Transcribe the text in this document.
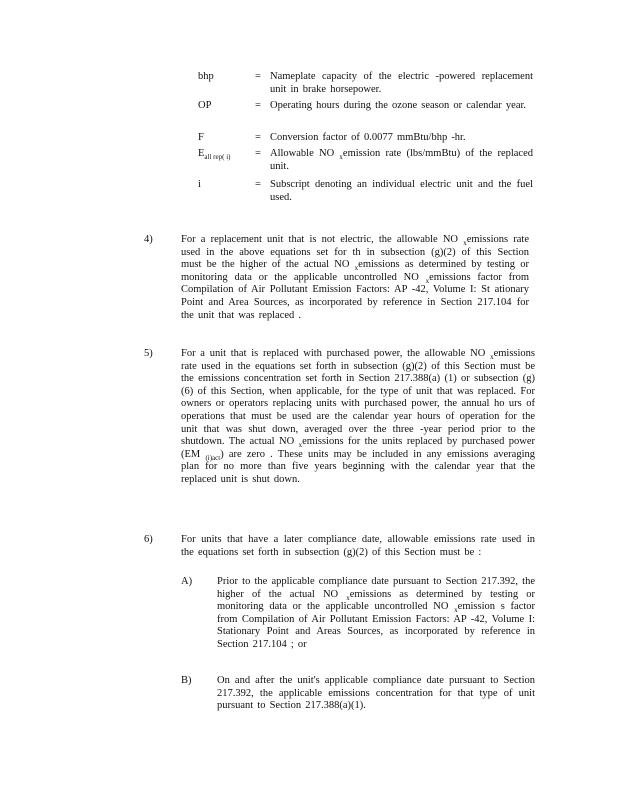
bhp	= Nameplate capacity of the electric -powered replacement unit in brake horsepower.
OP	= Operating hours during the ozone season or calendar year.
F	= Conversion factor of 0.0077 mmBtu/bhp -hr.
$E_{all rep( i)}$	= Allowable NO $_x$emission rate (lbs/mmBtu) of the replaced unit.
i	= Subscript denoting an individual electric unit and the fuel used.
4)	For a replacement unit that is not electric, the allowable NO $_x$emissions rate used in the above equations set for th in subsection (g)(2) of this Section must be the higher of the actual NO $_x$emissions as determined by testing or monitoring data or the applicable uncontrolled NO $_x$emissions factor from Compilation of Air Pollutant Emission Factors: AP -42, Volume I: St ationary Point and Area Sources, as incorporated by reference in Section 217.104 for the unit that was replaced .
5)	For a unit that is replaced with purchased power, the allowable NO $_x$emissions rate used in the equations set forth in subsection (g)(2) of this Section must be the emissions concentration set forth in Section 217.388(a) (1) or subsection (g)(6) of this Section, when applicable, for the type of unit that was replaced. For owners or operators replacing units with purchased power, the annual ho urs of operations that must be used are the calendar year hours of operation for the unit that was shut down, averaged over the three -year period prior to the shutdown. The actual NO $_x$emissions for the units replaced by purchased power (EM $_{(i)act}$) are zero . These units may be included in any emissions averaging plan for no more than five years beginning with the calendar year that the replaced unit is shut down.
6)	For units that have a later compliance date, allowable emissions rate used in the equations set forth in subsection (g)(2) of this Section must be :
A) Prior to the applicable compliance date pursuant to Section 217.392, the higher of the actual NO $_x$emissions as determined by testing or monitoring data or the applicable uncontrolled NO $_x$emission s factor from Compilation of Air Pollutant Emission Factors: AP -42, Volume I: Stationary Point and Areas Sources, as incorporated by reference in Section 217.104 ; or
B) On and after the unit's applicable compliance date pursuant to Section 217.392, the applicable emissions concentration for that type of unit pursuant to Section 217.388(a)(1).
